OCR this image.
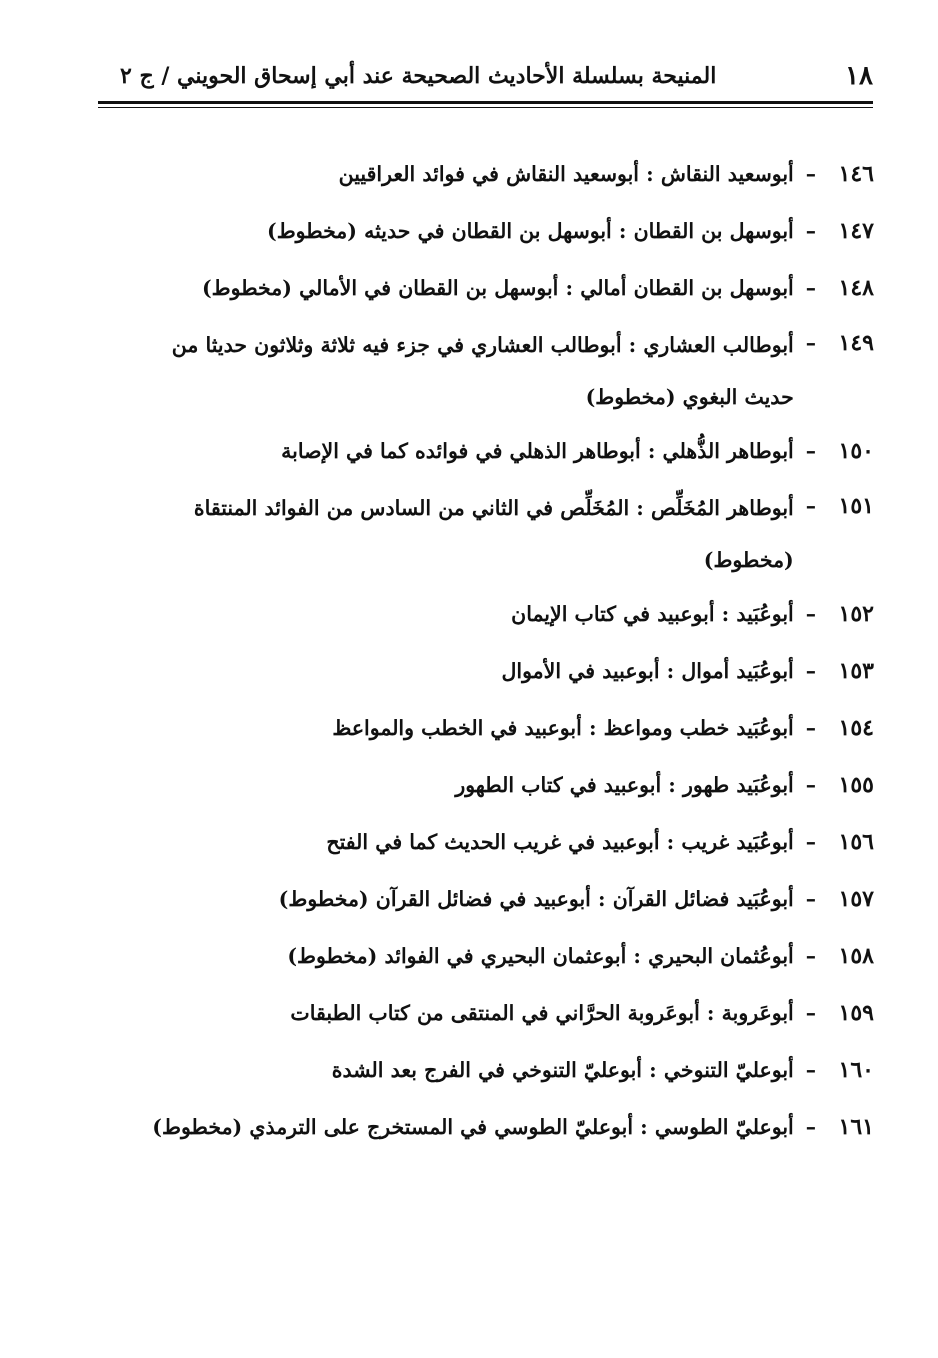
١٨
المنيحة بسلسلة الأحاديث الصحيحة عند أبي إسحاق الحويني / ج ٢
١٤٦
–
أبوسعيد النقاش : أبوسعيد النقاش في فوائد العراقيين
١٤٧
–
أبوسهل بن القطان : أبوسهل بن القطان في حديثه (مخطوط)
١٤٨
–
أبوسهل بن القطان أمالي : أبوسهل بن القطان في الأمالي (مخطوط)
١٤٩
–
أبوطالب العشاري : أبوطالب العشاري في جزء فيه ثلاثة وثلاثون حديثا من
حديث البغوي (مخطوط)
١٥٠
–
أبوطاهر الذُّهلي : أبوطاهر الذهلي في فوائده كما في الإصابة
١٥١
–
أبوطاهر المُخَلِّص : المُخَلِّص في الثاني من السادس من الفوائد المنتقاة
(مخطوط)
١٥٢
–
أبوعُبَيد : أبوعبيد في كتاب الإيمان
١٥٣
–
أبوعُبَيد أموال : أبوعبيد في الأموال
١٥٤
–
أبوعُبَيد خطب ومواعظ : أبوعبيد في الخطب والمواعظ
١٥٥
–
أبوعُبَيد طهور : أبوعبيد في كتاب الطهور
١٥٦
–
أبوعُبَيد غريب : أبوعبيد في غريب الحديث كما في الفتح
١٥٧
–
أبوعُبَيد فضائل القرآن : أبوعبيد في فضائل القرآن (مخطوط)
١٥٨
–
أبوعُثمان البحيري : أبوعثمان البحيري في الفوائد (مخطوط)
١٥٩
–
أبوعَروبة : أبوعَروبة الحرَّاني في المنتقى من كتاب الطبقات
١٦٠
–
أبوعليّ التنوخي : أبوعليّ التنوخي في الفرج بعد الشدة
١٦١
–
أبوعليّ الطوسي : أبوعليّ الطوسي في المستخرج على الترمذي (مخطوط)
